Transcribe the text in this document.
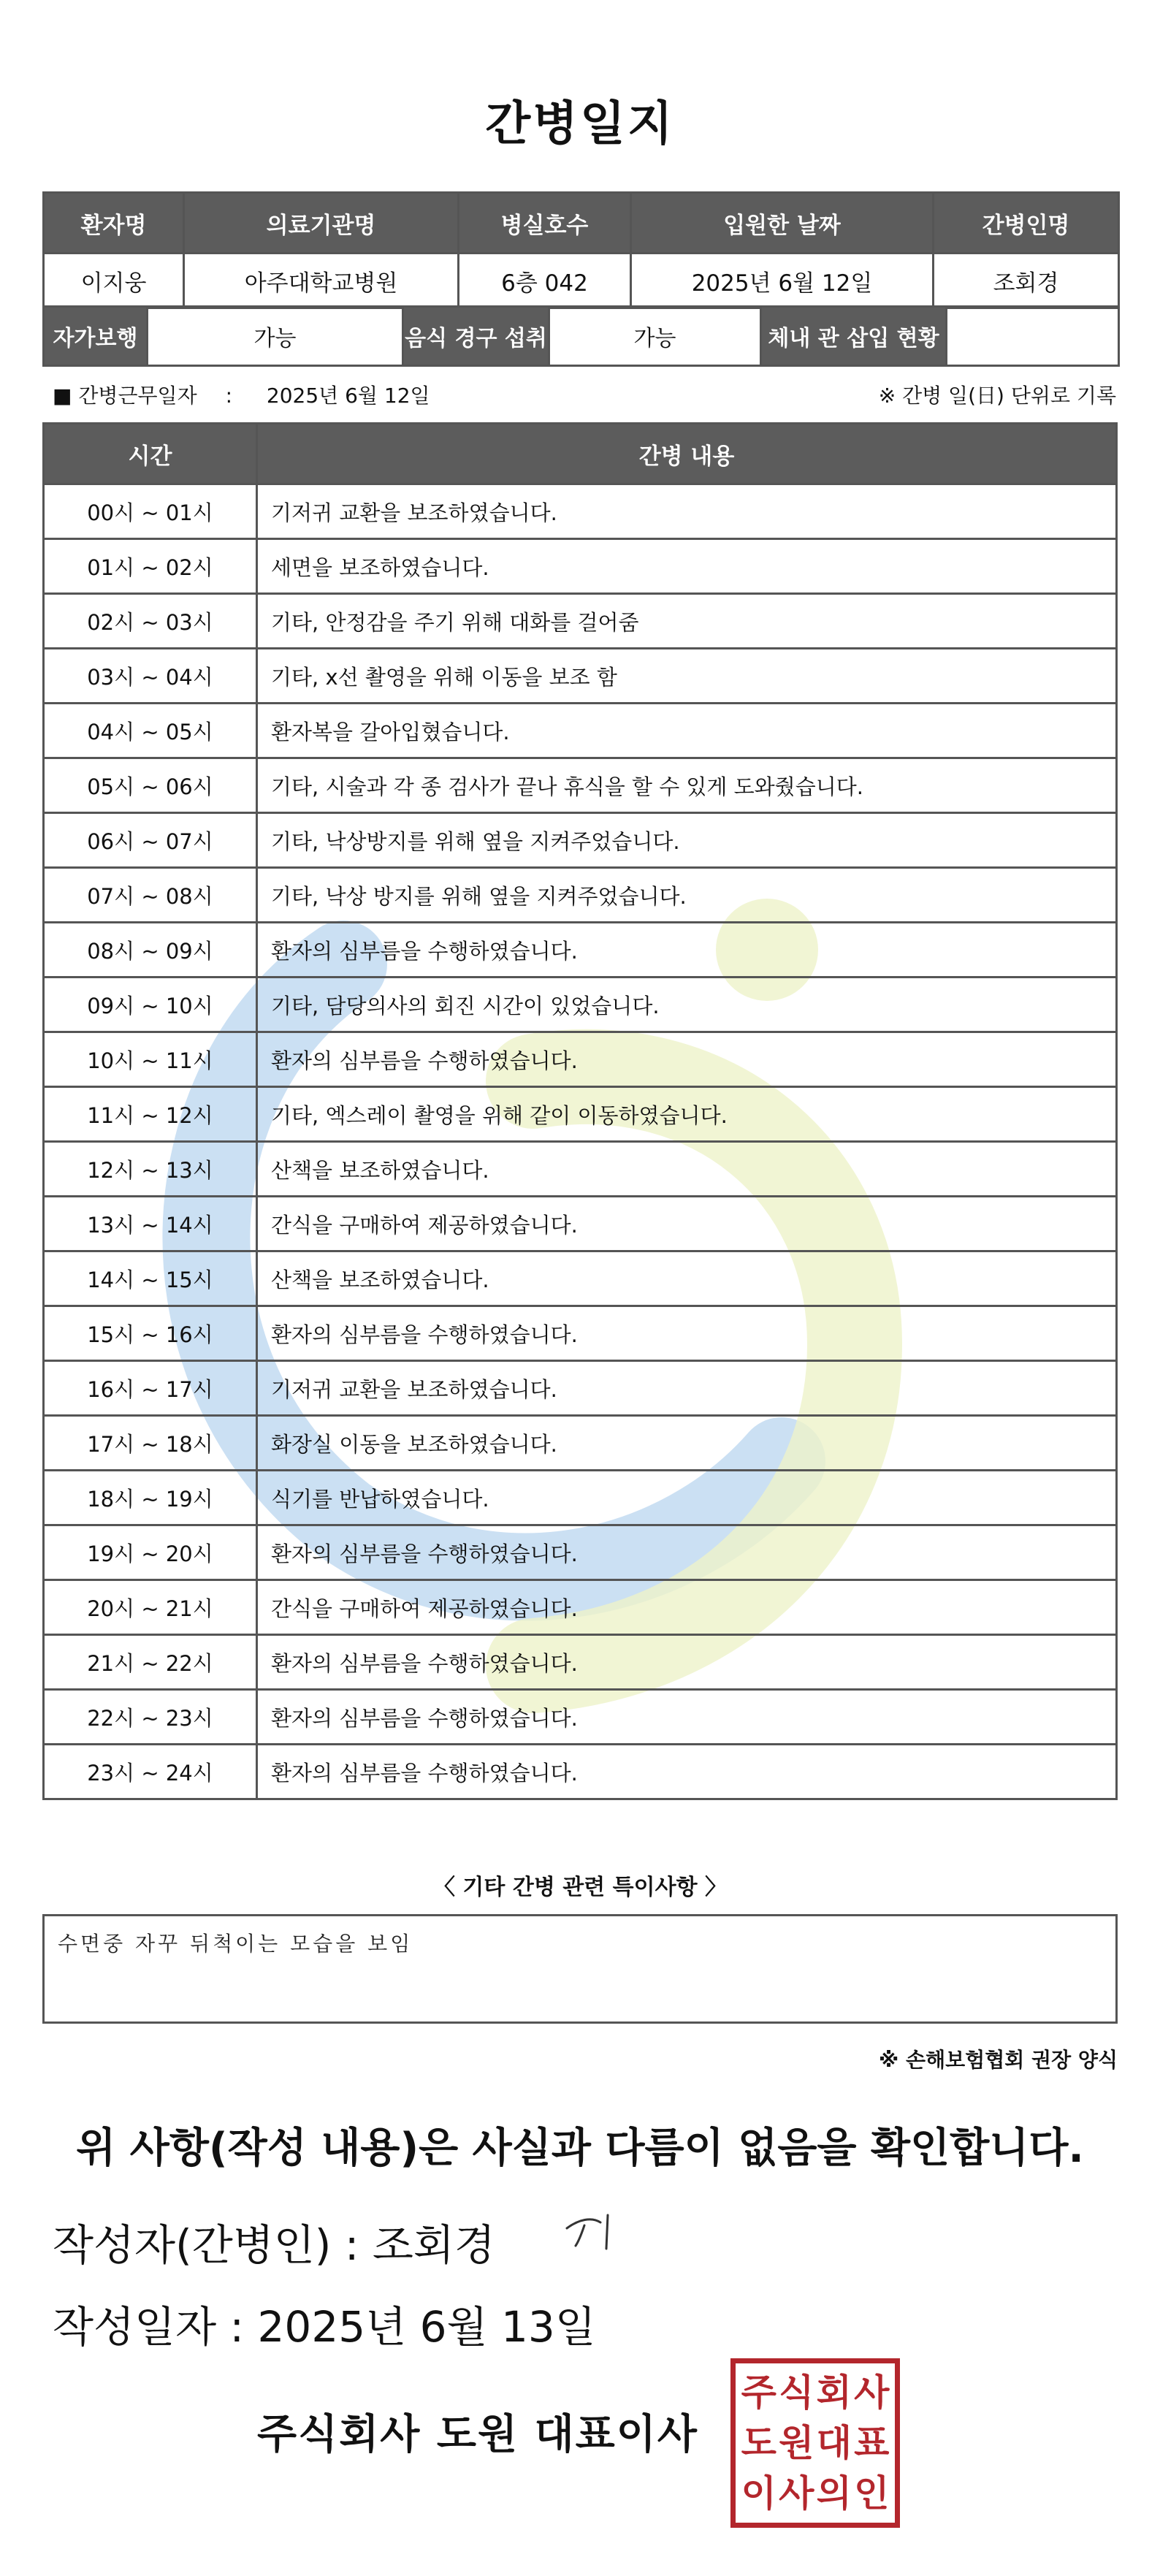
간병일지
환자명	의료기관명	병실호수	입원한 날짜	간병인명
이지웅	아주대학교병원	6층 042	2025년 6월 12일	조회경
자가보행	가능	음식 경구 섭취	가능	체내 관 삽입 현황	
■ 간병근무일자 : 2025년 6월 12일	※ 간병 일(日) 단위로 기록
시간	간병 내용
00시 ~ 01시	기저귀 교환을 보조하였습니다.
01시 ~ 02시	세면을 보조하였습니다.
02시 ~ 03시	기타, 안정감을 주기 위해 대화를 걸어줌
03시 ~ 04시	기타, x선 촬영을 위해 이동을 보조 함
04시 ~ 05시	환자복을 갈아입혔습니다.
05시 ~ 06시	기타, 시술과 각 종 검사가 끝나 휴식을 할 수 있게 도와줬습니다.
06시 ~ 07시	기타, 낙상방지를 위해 옆을 지켜주었습니다.
07시 ~ 08시	기타, 낙상 방지를 위해 옆을 지켜주었습니다.
08시 ~ 09시	환자의 심부름을 수행하였습니다.
09시 ~ 10시	기타, 담당의사의 회진 시간이 있었습니다.
10시 ~ 11시	환자의 심부름을 수행하였습니다.
11시 ~ 12시	기타, 엑스레이 촬영을 위해 같이 이동하였습니다.
12시 ~ 13시	산책을 보조하였습니다.
13시 ~ 14시	간식을 구매하여 제공하였습니다.
14시 ~ 15시	산책을 보조하였습니다.
15시 ~ 16시	환자의 심부름을 수행하였습니다.
16시 ~ 17시	기저귀 교환을 보조하였습니다.
17시 ~ 18시	화장실 이동을 보조하였습니다.
18시 ~ 19시	식기를 반납하였습니다.
19시 ~ 20시	환자의 심부름을 수행하였습니다.
20시 ~ 21시	간식을 구매하여 제공하였습니다.
21시 ~ 22시	환자의 심부름을 수행하였습니다.
22시 ~ 23시	환자의 심부름을 수행하였습니다.
23시 ~ 24시	환자의 심부름을 수행하였습니다.
〈 기타 간병 관련 특이사항 〉
수면중 자꾸 뒤척이는 모습을 보임
※ 손해보험협회 권장 양식
위 사항(작성 내용)은 사실과 다름이 없음을 확인합니다.
작성자(간병인) : 조회경
작성일자 : 2025년 6월 13일
주식회사 도원 대표이사
주 식 회 사
도 원 대 표
이 사 의 인
